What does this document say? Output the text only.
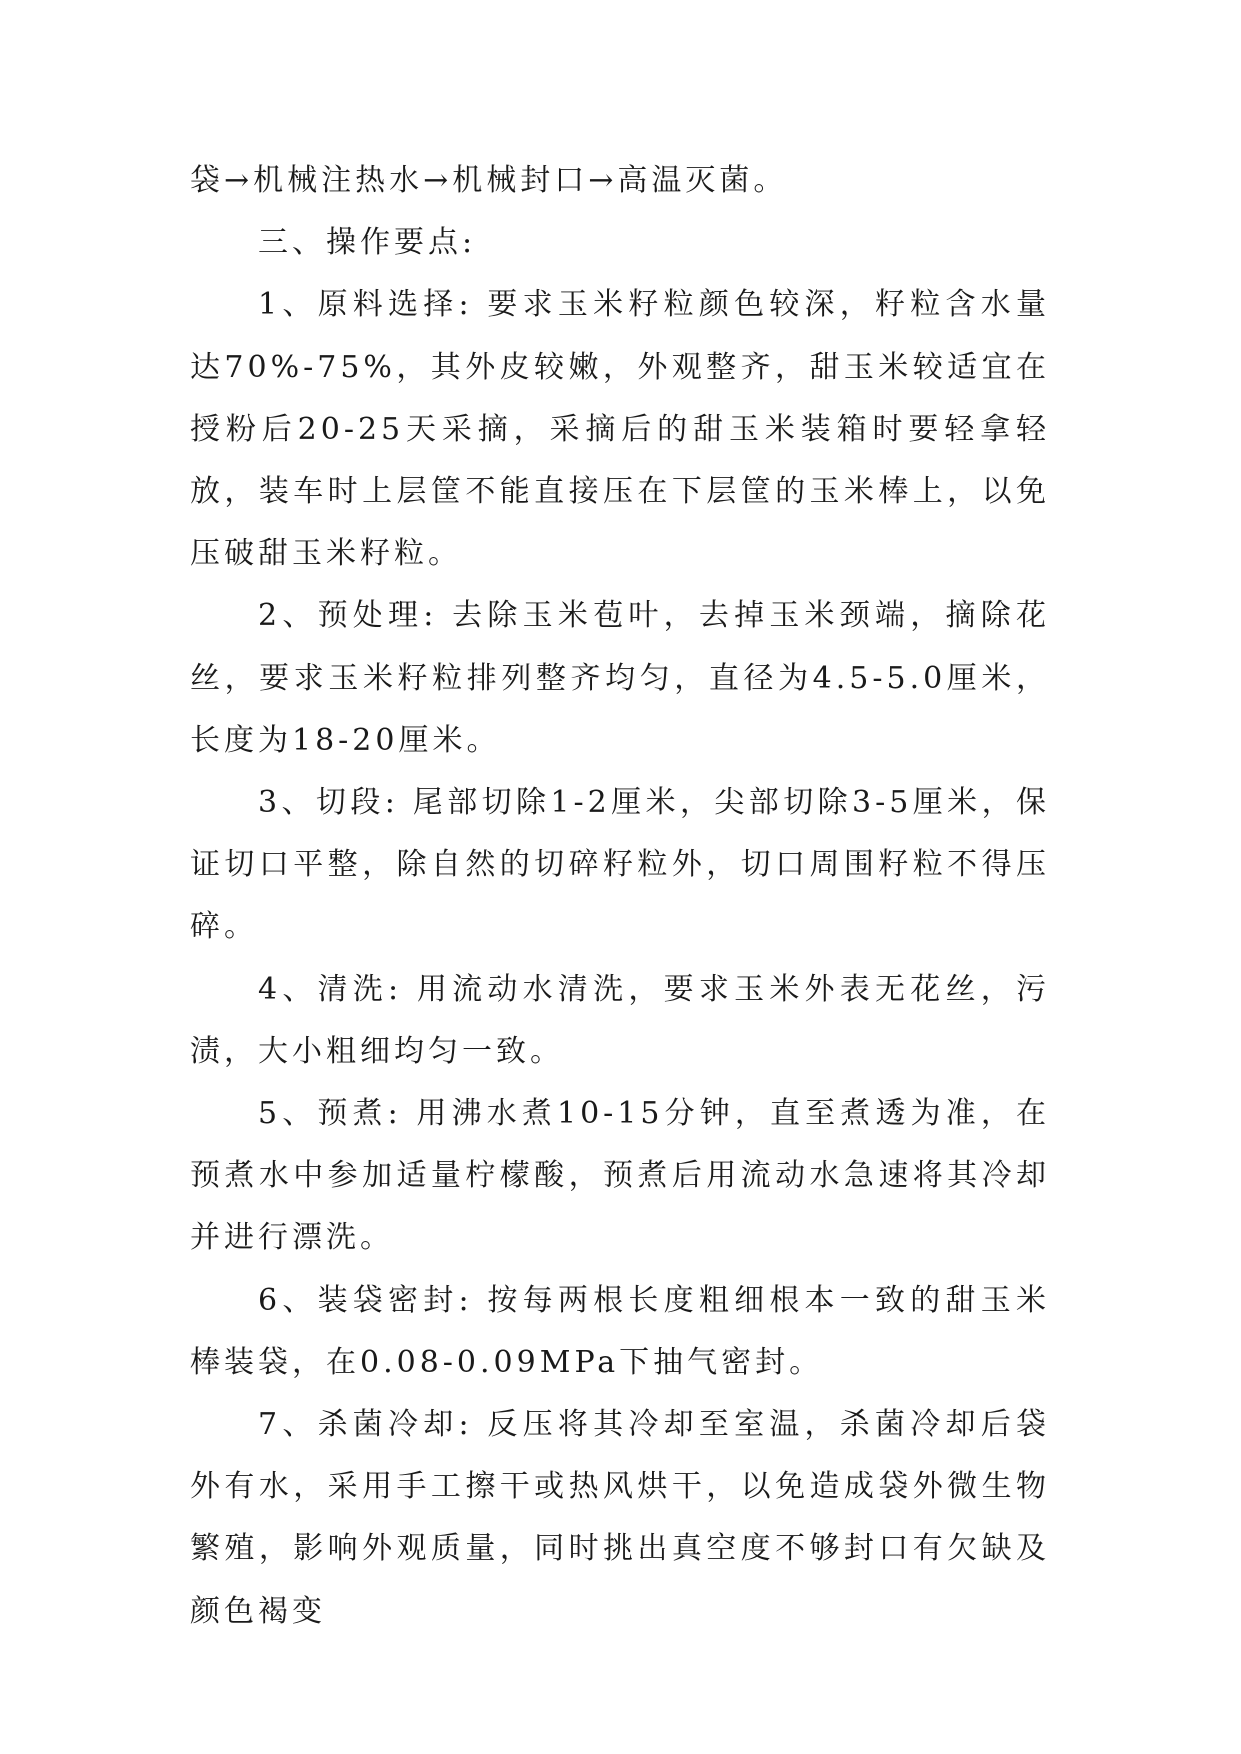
袋→机械注热水→机械封口→高温灭菌。

三、操作要点:

1、原料选择: 要求玉米籽粒颜色较深，籽粒含水量达70%-75%，其外皮较嫩，外观整齐，甜玉米较适宜在授粉后20-25天采摘，采摘后的甜玉米装箱时要轻拿轻放，装车时上层筐不能直接压在下层筐的玉米棒上，以免压破甜玉米籽粒。

2、预处理: 去除玉米苞叶，去掉玉米颈端，摘除花丝，要求玉米籽粒排列整齐均匀，直径为4.5-5.0厘米，长度为18-20厘米。

3、切段: 尾部切除1-2厘米，尖部切除3-5厘米，保证切口平整，除自然的切碎籽粒外，切口周围籽粒不得压碎。

4、清洗: 用流动水清洗，要求玉米外表无花丝，污渍，大小粗细均匀一致。

5、预煮: 用沸水煮10-15分钟，直至煮透为准，在预煮水中参加适量柠檬酸，预煮后用流动水急速将其冷却并进行漂洗。

6、装袋密封: 按每两根长度粗细根本一致的甜玉米棒装袋，在0.08-0.09MPa下抽气密封。

7、杀菌冷却: 反压将其冷却至室温，杀菌冷却后袋外有水，采用手工擦干或热风烘干，以免造成袋外微生物繁殖，影响外观质量，同时挑出真空度不够封口有欠缺及颜色褐变
